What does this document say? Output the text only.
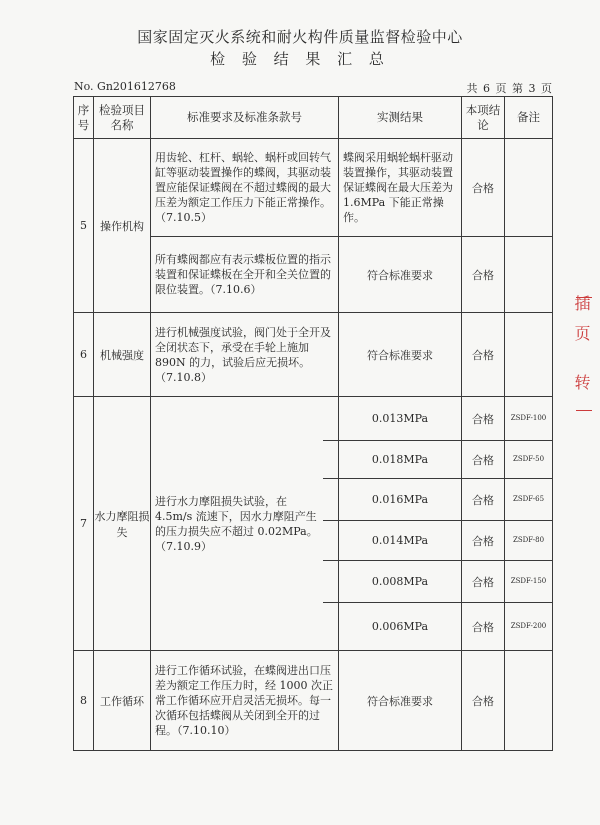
国家固定灭火系统和耐火构件质量监督检验中心
检 验 结 果 汇 总
No. Gn201612768	共 6 页 第 3 页
序号	检验项目名称	标准要求及标准条款号		实测结果	本项结论	备注
5	操作机构	用齿轮、杠杆、蜗轮、蜗杆或回转气缸等驱动装置操作的蝶阀，其驱动装置应能保证蝶阀在不超过蝶阀的最大压差为额定工作压力下能正常操作。（7.10.5）		蝶阀采用蜗轮蜗杆驱动装置操作，其驱动装置保证蝶阀在最大压差为 1.6MPa 下能正常操作。	合格	
		所有蝶阀都应有表示蝶板位置的指示装置和保证蝶板在全开和全关位置的限位装置。（7.10.6）		符合标准要求	合格	
6	机械强度	进行机械强度试验，阀门处于全开及全闭状态下，承受在手轮上施加 890N 的力，试验后应无损坏。（7.10.8）		符合标准要求	合格	
7	水力摩阻损失	进行水力摩阻损失试验，在 4.5m/s 流速下，因水力摩阻产生的压力损失应不超过 0.02MPa。（7.10.9）		0.013MPa	合格	ZSDF-100
				0.018MPa	合格	ZSDF-50
				0.016MPa	合格	ZSDF-65
				0.014MPa	合格	ZSDF-80
				0.008MPa	合格	ZSDF-150
				0.006MPa	合格	ZSDF-200
8	工作循环	进行工作循环试验，在蝶阀进出口压差为额定工作压力时，经 1000 次正常工作循环应开启灵活无损坏。每一次循环包括蝶阀从关闭到全开的过程。（7.10.10）		符合标准要求	合格	
插页 转
